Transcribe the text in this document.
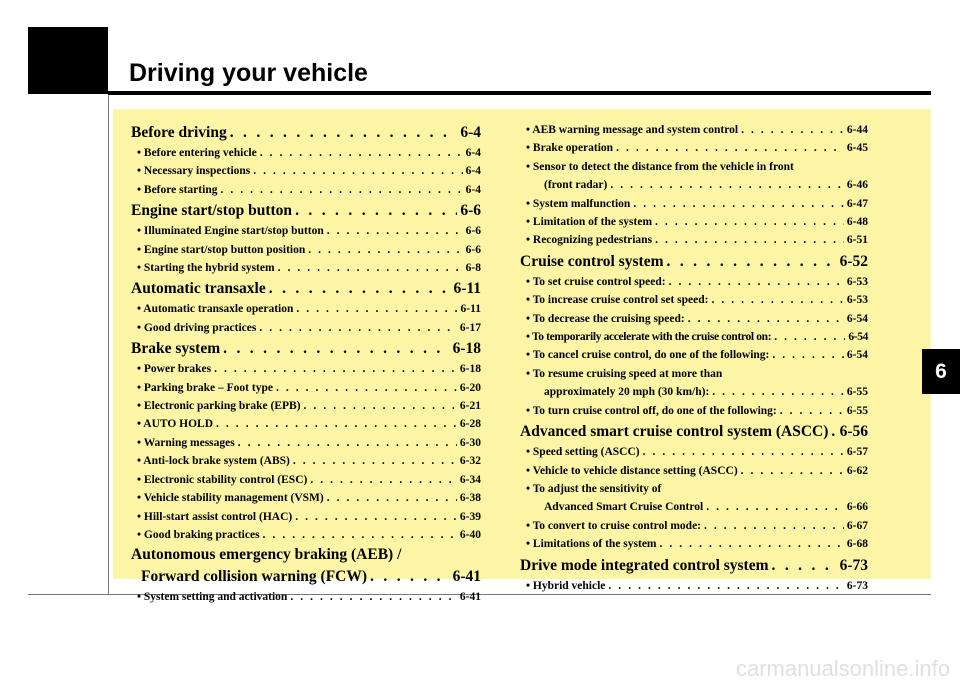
Driving your vehicle
6
carmanualsonline.info
Before driving . . .	6-4
• Before entering vehicle . . .	6-4
• Necessary inspections . . .	6-4
• Before starting . . .	6-4
Engine start/stop button . . .	6-6
• Illuminated Engine start/stop button . . .	6-6
• Engine start/stop button position . . .	6-6
• Starting the hybrid system . . .	6-8
Automatic transaxle . . .	6-11
• Automatic transaxle operation . . .	6-11
• Good driving practices . . .	6-17
Brake system . . .	6-18
• Power brakes . . .	6-18
• Parking brake – Foot type . . .	6-20
• Electronic parking brake (EPB) . . .	6-21
• AUTO HOLD . . .	6-28
• Warning messages . . .	6-30
• Anti-lock brake system (ABS) . . .	6-32
• Electronic stability control (ESC) . . .	6-34
• Vehicle stability management (VSM) . . .	6-38
• Hill-start assist control (HAC) . . .	6-39
• Good braking practices . . .	6-40
Autonomous emergency braking (AEB) /
Forward collision warning (FCW) . . .	6-41
• System setting and activation . . .	6-41
• AEB warning message and system control . . .	6-44
• Brake operation . . .	6-45
• Sensor to detect the distance from the vehicle in front
(front radar) . . .	6-46
• System malfunction . . .	6-47
• Limitation of the system . . .	6-48
• Recognizing pedestrians . . .	6-51
Cruise control system . . .	6-52
• To set cruise control speed: . . .	6-53
• To increase cruise control set speed: . . .	6-53
• To decrease the cruising speed: . . .	6-54
• To temporarily accelerate with the cruise control on: . . .	6-54
• To cancel cruise control, do one of the following: . . .	6-54
• To resume cruising speed at more than
approximately 20 mph (30 km/h): . . .	6-55
• To turn cruise control off, do one of the following: . . .	6-55
Advanced smart cruise control system (ASCC) . . . 6-56
• Speed setting (ASCC) . . .	6-57
• Vehicle to vehicle distance setting (ASCC) . . .	6-62
• To adjust the sensitivity of
Advanced Smart Cruise Control . . .	6-66
• To convert to cruise control mode: . . .	6-67
• Limitations of the system . . .	6-68
Drive mode integrated control system . . .	6-73
• Hybrid vehicle . . .	6-73
